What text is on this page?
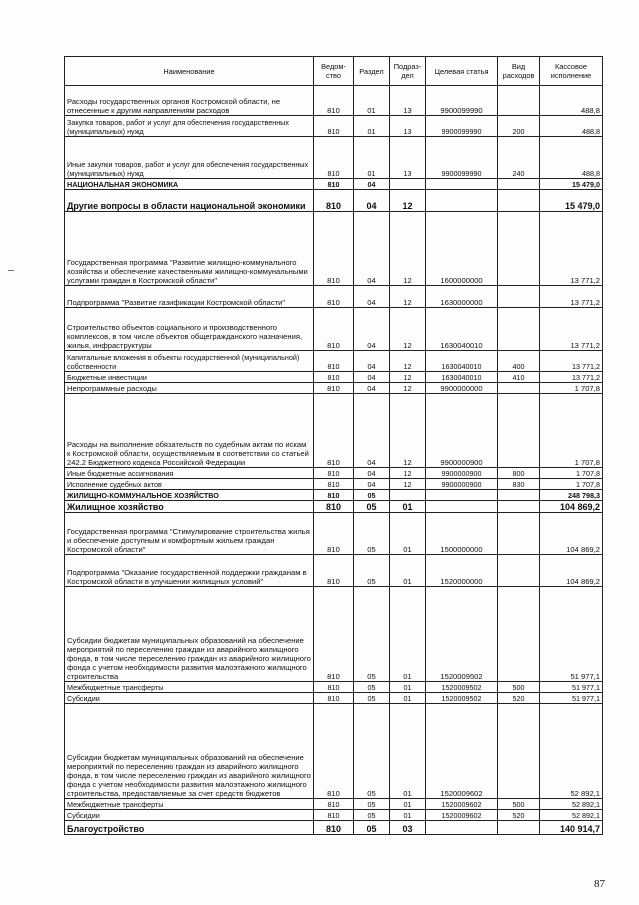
Наименование	Ведом-ство	Раздел	Подраз-дел	Целевая статья	Вид расходов	Кассовое исполнение
Расходы государственных органов Костромской области, не отнесенные к другим направлениям расходов	810	01	13	9900099990		488,8
Закупка товаров, работ и услуг для обеспечения государственных (муниципальных) нужд	810	01	13	9900099990	200	488,8
Иные закупки товаров, работ и услуг для обеспечения государственных (муниципальных) нужд	810	01	13	9900099990	240	488,8
НАЦИОНАЛЬНАЯ ЭКОНОМИКА	810	04				15 479,0
Другие вопросы в области национальной экономики	810	04	12			15 479,0
Государственная программа "Развитие жилищно-коммунального хозяйства и обеспечение качественными жилищно-коммунальными услугами граждан в Костромской области"	810	04	12	1600000000		13 771,2
Подпрограмма "Развитие газификации Костромской области"	810	04	12	1630000000		13 771,2
Строительство объектов социального и производственного комплексов, в том числе объектов общегражданского назначения, жилья, инфраструктуры	810	04	12	1630040010		13 771,2
Капитальные вложения в объекты государственной (муниципальной) собственности	810	04	12	1630040010	400	13 771,2
Бюджетные инвестиции	810	04	12	1630040010	410	13 771,2
Непрограммные расходы	810	04	12	9900000000		1 707,8
Расходы на выполнение обязательств по судебным актам по искам к Костромской области, осуществляемым в соответствии со статьей 242.2 Бюджетного кодекса Российской Федерации	810	04	12	9900000900		1 707,8
Иные бюджетные ассигнования	810	04	12	9900000900	800	1 707,8
Исполнение судебных актов	810	04	12	9900000900	830	1 707,8
ЖИЛИЩНО-КОММУНАЛЬНОЕ ХОЗЯЙСТВО	810	05				248 798,3
Жилищное хозяйство	810	05	01			104 869,2
Государственная программа "Стимулирование строительства жилья и обеспечение доступным и комфортным жильем граждан Костромской области"	810	05	01	1500000000		104 869,2
Подпрограмма "Оказание государственной поддержки гражданам в Костромской области в улучшении жилищных условий"	810	05	01	1520000000		104 869,2
Субсидии бюджетам муниципальных образований на обеспечение мероприятий по переселению граждан из аварийного жилищного фонда, в том числе переселению граждан из аварийного жилищного фонда с учетом необходимости развития малоэтажного жилищного строительства	810	05	01	1520009502		51 977,1
Межбюджетные трансферты	810	05	01	1520009502	500	51 977,1
Субсидии	810	05	01	1520009502	520	51 977,1
Субсидии бюджетам муниципальных образований на обеспечение мероприятий по переселению граждан из аварийного жилищного фонда, в том числе переселению граждан из аварийного жилищного фонда с учетом необходимости развития малоэтажного жилищного строительства, предоставляемые за счет средств бюджетов	810	05	01	1520009602		52 892,1
Межбюджетные трансферты	810	05	01	1520009602	500	52 892,1
Субсидии	810	05	01	1520009602	520	52 892,1
Благоустройство	810	05	03			140 914,7
87
